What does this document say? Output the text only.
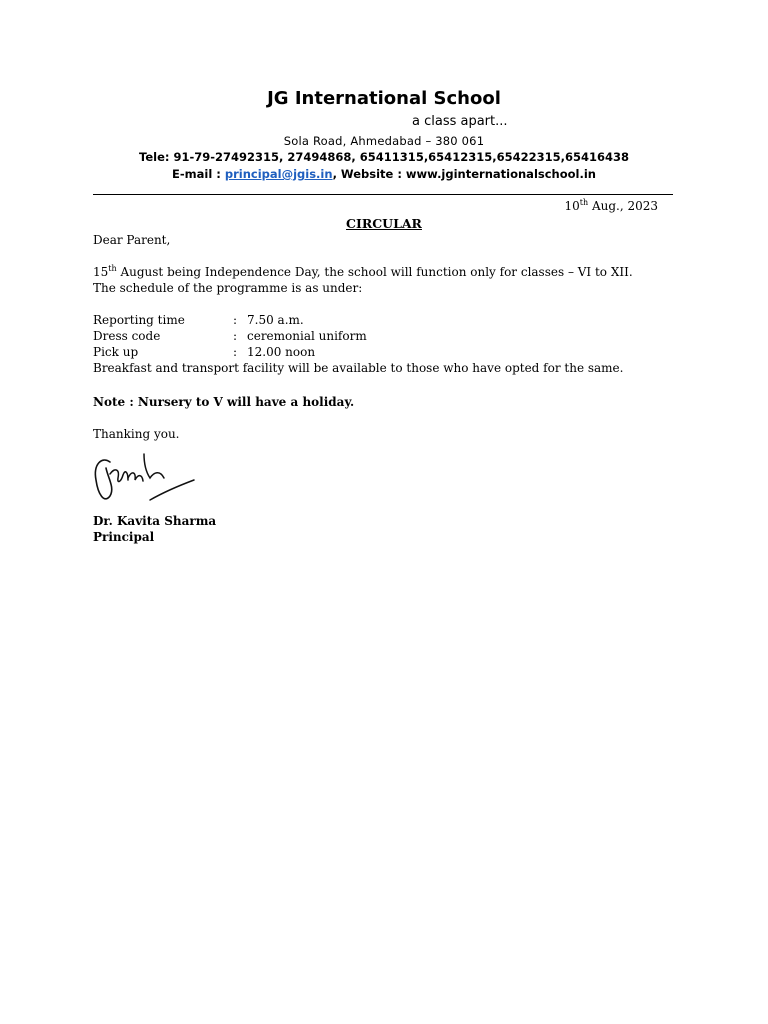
JG International School
a class apart...
Sola Road, Ahmedabad – 380 061
Tele: 91-79-27492315, 27494868, 65411315,65412315,65422315,65416438
E-mail : principal@jgis.in, Website : www.jginternationalschool.in
10th Aug., 2023
CIRCULAR
Dear Parent,
15th August being Independence Day, the school will function only for classes – VI to XII.
The schedule of the programme is as under:
Reporting time	: 7.50 a.m.
Dress code	: ceremonial uniform
Pick up	: 12.00 noon
Breakfast and transport facility will be available to those who have opted for the same.
Note : Nursery to V will have a holiday.
Thanking you.
Dr. Kavita Sharma
Principal
